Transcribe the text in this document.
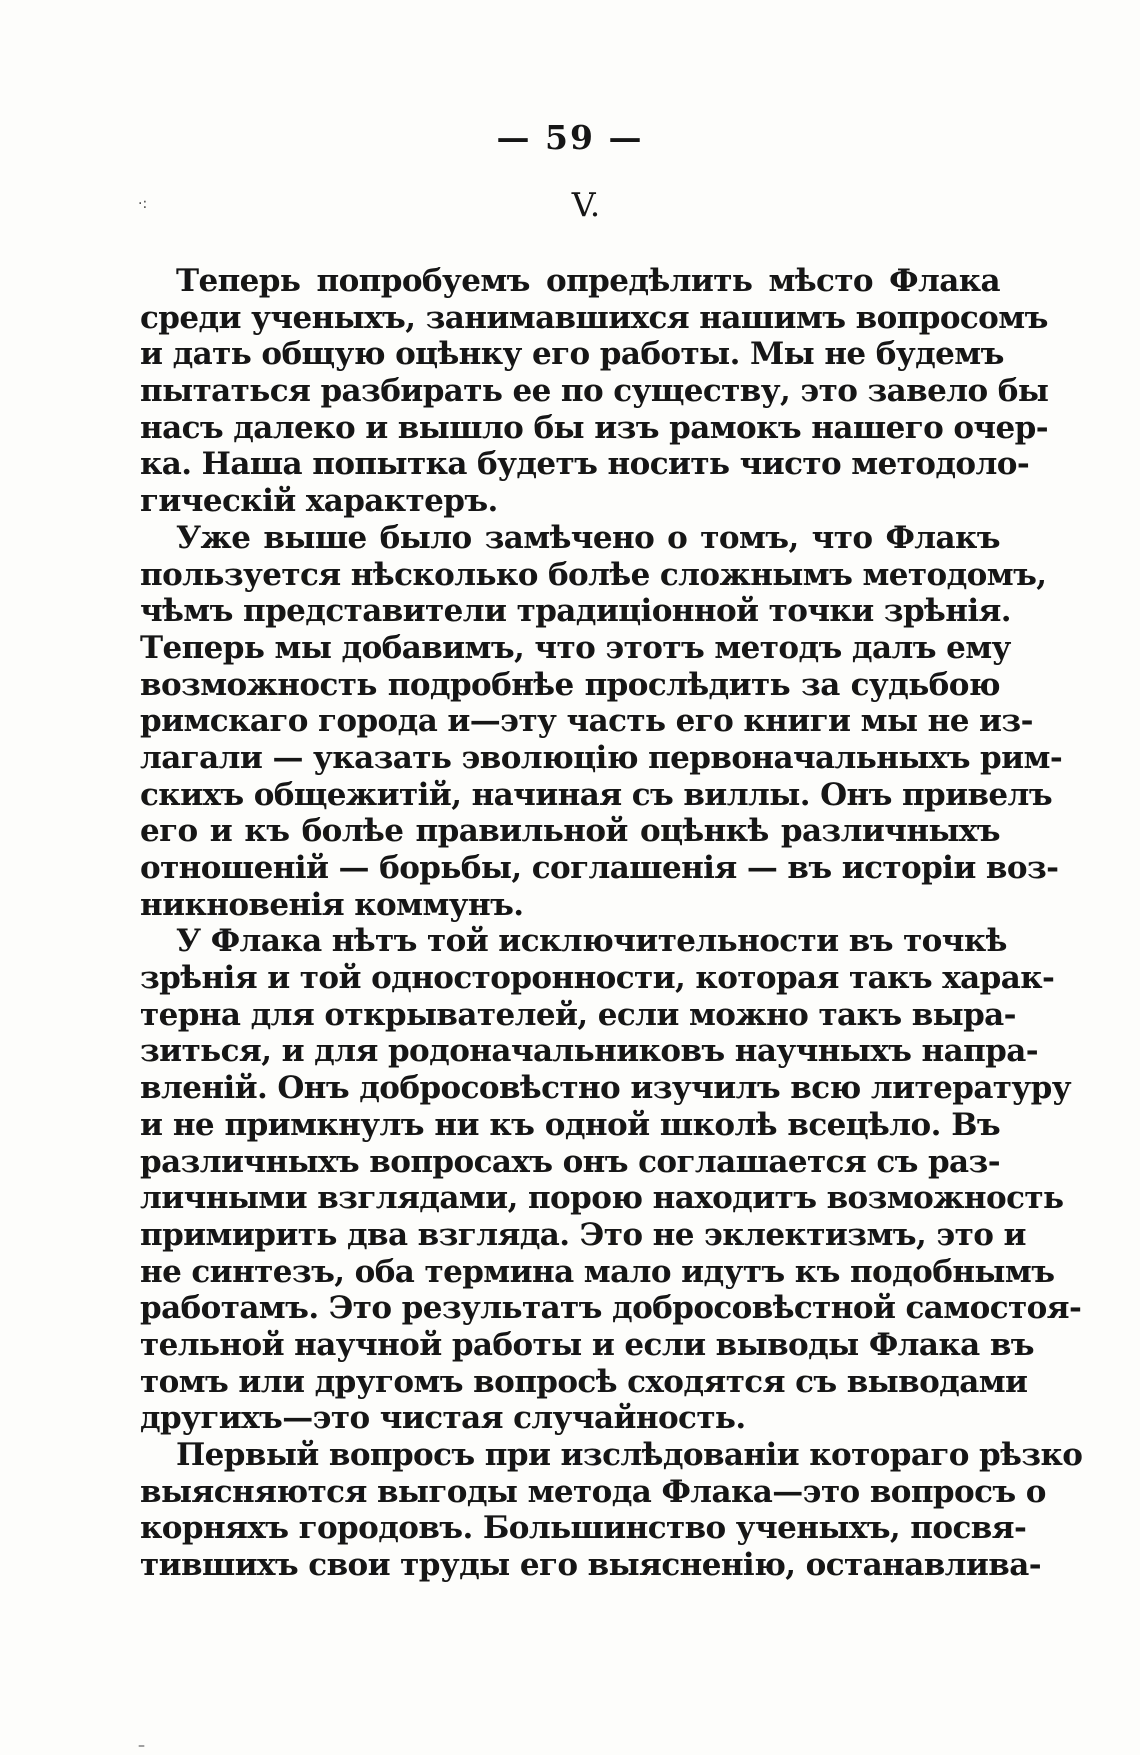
— 59 —
V.
·:
–
Теперь попробуемъ опредѣлить мѣсто Флака
среди ученыхъ, занимавшихся нашимъ вопросомъ
и дать общую оцѣнку его работы. Мы не будемъ
пытаться разбирать ее по существу, это завело бы
насъ далеко и вышло бы изъ рамокъ нашего очер-
ка. Наша попытка будетъ носить чисто методоло-
гическій характеръ.
Уже выше было замѣчено о томъ, что Флакъ
пользуется нѣсколько болѣе сложнымъ методомъ,
чѣмъ представители традиціонной точки зрѣнія.
Теперь мы добавимъ, что этотъ методъ далъ ему
возможность подробнѣе прослѣдить за судьбою
римскаго города и—эту часть его книги мы не из-
лагали — указать эволюцію первоначальныхъ рим-
скихъ общежитій, начиная съ виллы. Онъ привелъ
его и къ болѣе правильной оцѣнкѣ различныхъ
отношеній — борьбы, соглашенія — въ исторіи воз-
никновенія коммунъ.
У Флака нѣтъ той исключительности въ точкѣ
зрѣнія и той односторонности, которая такъ харак-
терна для открывателей, если можно такъ выра-
зиться, и для родоначальниковъ научныхъ напра-
вленій. Онъ добросовѣстно изучилъ всю литературу
и не примкнулъ ни къ одной школѣ всецѣло. Въ
различныхъ вопросахъ онъ соглашается съ раз-
личными взглядами, порою находитъ возможность
примирить два взгляда. Это не эклектизмъ, это и
не синтезъ, оба термина мало идутъ къ подобнымъ
работамъ. Это результатъ добросовѣстной самостоя-
тельной научной работы и если выводы Флака въ
томъ или другомъ вопросѣ сходятся съ выводами
другихъ—это чистая случайность.
Первый вопросъ при изслѣдованіи котораго рѣзко
выясняются выгоды метода Флака—это вопросъ о
корняхъ городовъ. Большинство ученыхъ, посвя-
тившихъ свои труды его выясненію, останавлива-
